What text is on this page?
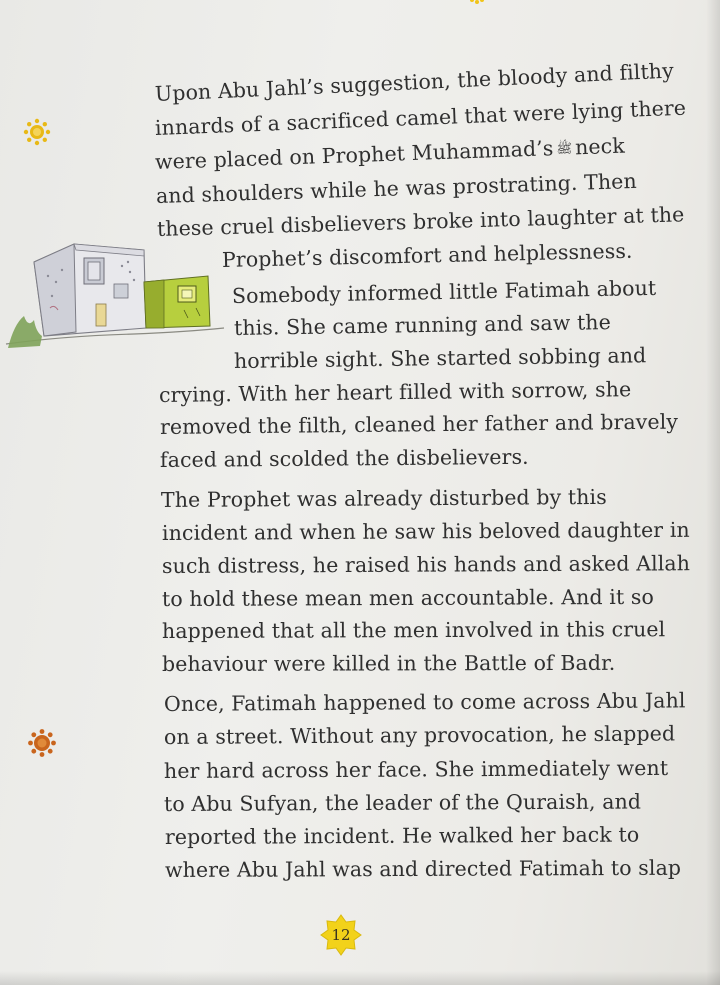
Upon Abu Jahl’s suggestion, the bloody and filthy
innards of a sacrificed camel that were lying there
were placed on Prophet Muhammad’s ﷺ neck
and shoulders while he was prostrating. Then
these cruel disbelievers broke into laughter at the
Prophet’s discomfort and helplessness.
Somebody informed little Fatimah about
this. She came running and saw the
horrible sight. She started sobbing and
crying. With her heart filled with sorrow, she
removed the filth, cleaned her father and bravely
faced and scolded the disbelievers.
The Prophet was already disturbed by this
incident and when he saw his beloved daughter in
such distress, he raised his hands and asked Allah
to hold these mean men accountable. And it so
happened that all the men involved in this cruel
behaviour were killed in the Battle of Badr.
Once, Fatimah happened to come across Abu Jahl
on a street. Without any provocation, he slapped
her hard across her face. She immediately went
to Abu Sufyan, the leader of the Quraish, and
reported the incident. He walked her back to
where Abu Jahl was and directed Fatimah to slap
12
